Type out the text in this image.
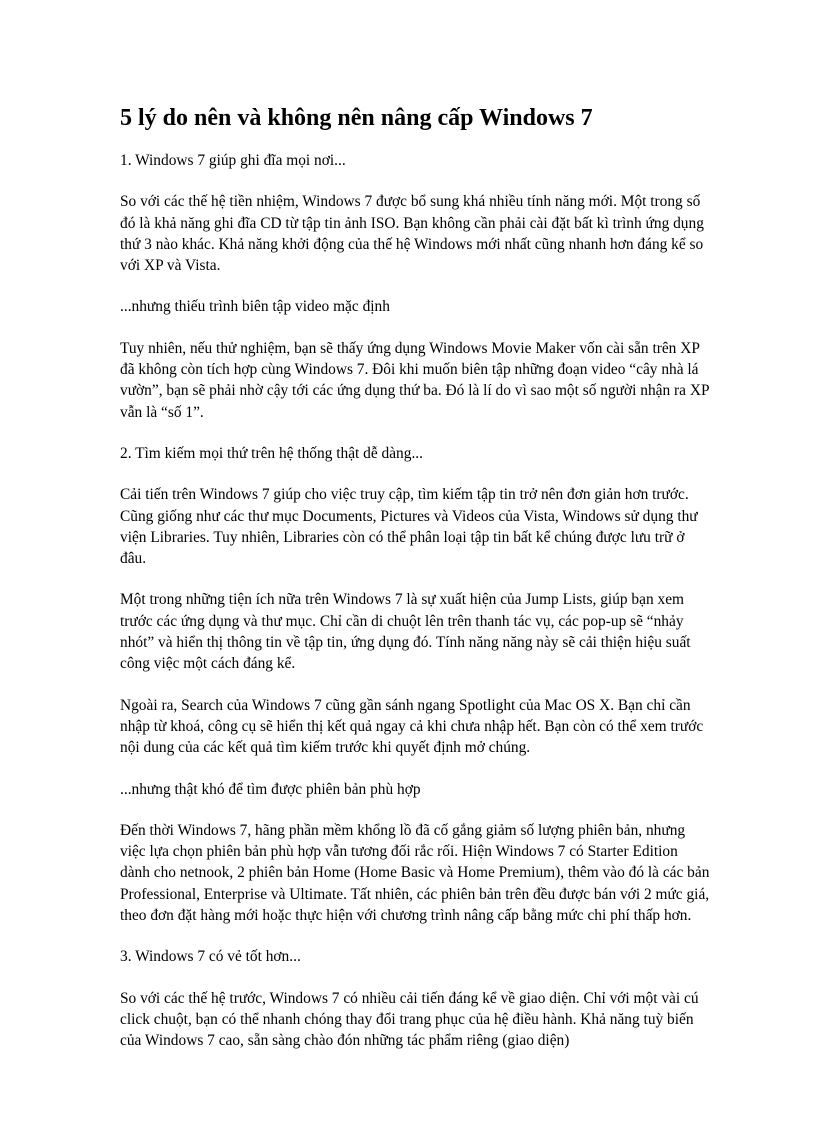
5 lý do nên và không nên nâng cấp Windows 7

1. Windows 7 giúp ghi đĩa mọi nơi...

So với các thế hệ tiền nhiệm, Windows 7 được bổ sung khá nhiều tính năng mới. Một trong số đó là khả năng ghi đĩa CD từ tập tin ảnh ISO. Bạn không cần phải cài đặt bất kì trình ứng dụng thứ 3 nào khác. Khả năng khởi động của thế hệ Windows mới nhất cũng nhanh hơn đáng kể so với XP và Vista.

...nhưng thiếu trình biên tập video mặc định

Tuy nhiên, nếu thử nghiệm, bạn sẽ thấy ứng dụng Windows Movie Maker vốn cài sẵn trên XP đã không còn tích hợp cùng Windows 7. Đôi khi muốn biên tập những đoạn video “cây nhà lá vườn”, bạn sẽ phải nhờ cậy tới các ứng dụng thứ ba. Đó là lí do vì sao một số người nhận ra XP vẫn là “số 1”.

2. Tìm kiếm mọi thứ trên hệ thống thật dễ dàng...

Cải tiến trên Windows 7 giúp cho việc truy cập, tìm kiếm tập tin trở nên đơn giản hơn trước. Cũng giống như các thư mục Documents, Pictures và Videos của Vista, Windows sử dụng thư viện Libraries. Tuy nhiên, Libraries còn có thể phân loại tập tin bất kể chúng được lưu trữ ở đâu.

Một trong những tiện ích nữa trên Windows 7 là sự xuất hiện của Jump Lists, giúp bạn xem trước các ứng dụng và thư mục. Chỉ cần di chuột lên trên thanh tác vụ, các pop-up sẽ “nhảy nhót” và hiển thị thông tin về tập tin, ứng dụng đó. Tính năng năng này sẽ cải thiện hiệu suất công việc một cách đáng kể.

Ngoài ra, Search của Windows 7 cũng gần sánh ngang Spotlight của Mac OS X. Bạn chỉ cần nhập từ khoá, công cụ sẽ hiển thị kết quả ngay cả khi chưa nhập hết. Bạn còn có thể xem trước nội dung của các kết quả tìm kiếm trước khi quyết định mở chúng.

...nhưng thật khó để tìm được phiên bản phù hợp

Đến thời Windows 7, hãng phần mềm khổng lồ đã cố gắng giảm số lượng phiên bản, nhưng việc lựa chọn phiên bản phù hợp vẫn tương đối rắc rối. Hiện Windows 7 có Starter Edition dành cho netnook, 2 phiên bản Home (Home Basic và Home Premium), thêm vào đó là các bản Professional, Enterprise và Ultimate. Tất nhiên, các phiên bản trên đều được bán với 2 mức giá, theo đơn đặt hàng mới hoặc thực hiện với chương trình nâng cấp bằng mức chi phí thấp hơn.

3. Windows 7 có vẻ tốt hơn...

So với các thế hệ trước, Windows 7 có nhiều cải tiến đáng kể về giao diện. Chỉ với một vài cú click chuột, bạn có thể nhanh chóng thay đổi trang phục của hệ điều hành. Khả năng tuỳ biến của Windows 7 cao, sẵn sàng chào đón những tác phẩm riêng (giao diện)
